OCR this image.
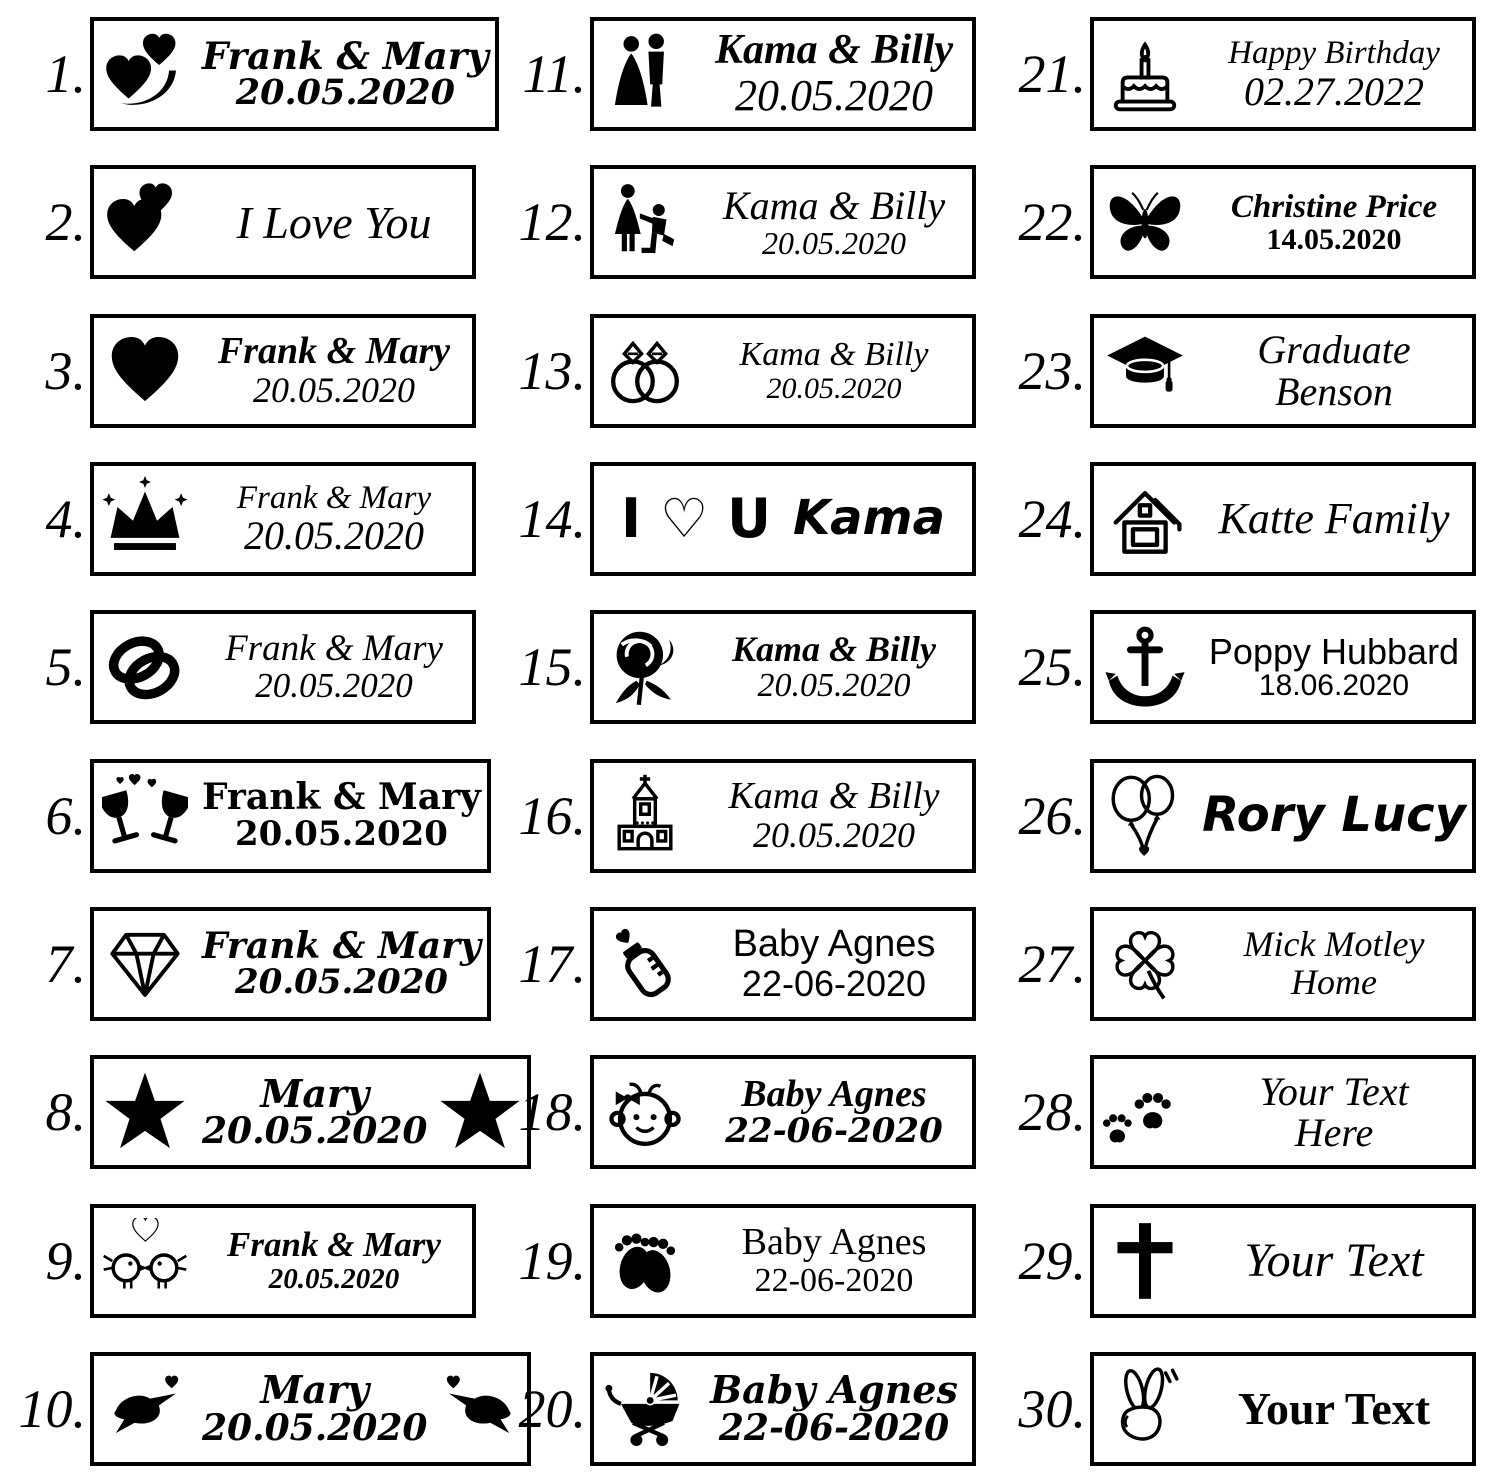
1.	Frank & Mary
20.05.2020
2.	I Love You
3.	Frank & Mary
20.05.2020
4.	Frank & Mary
20.05.2020
5.	Frank & Mary
20.05.2020
6.	Frank & Mary
20.05.2020
7.	Frank & Mary
20.05.2020
8.	Mary
20.05.2020
9.	Frank & Mary
20.05.2020
10.	Mary
20.05.2020
11.	Kama & Billy
20.05.2020
12.	Kama & Billy
20.05.2020
13.	Kama & Billy
20.05.2020
14. I ♡ U Kama
15.	Kama & Billy
20.05.2020
16.	Kama & Billy
20.05.2020
17.	Baby Agnes
22-06-2020
18.	Baby Agnes
22-06-2020
19.	Baby Agnes
22-06-2020
20.	Baby Agnes
22-06-2020
21.	Happy Birthday
02.27.2022
22.	Christine Price
14.05.2020
23.	Graduate
Benson
24.	Katte Family
25.	Poppy Hubbard
18.06.2020
26. Rory Lucy
27.	Mick Motley
Home
28.	Your Text
Here
29.	Your Text
30.	Your Text
